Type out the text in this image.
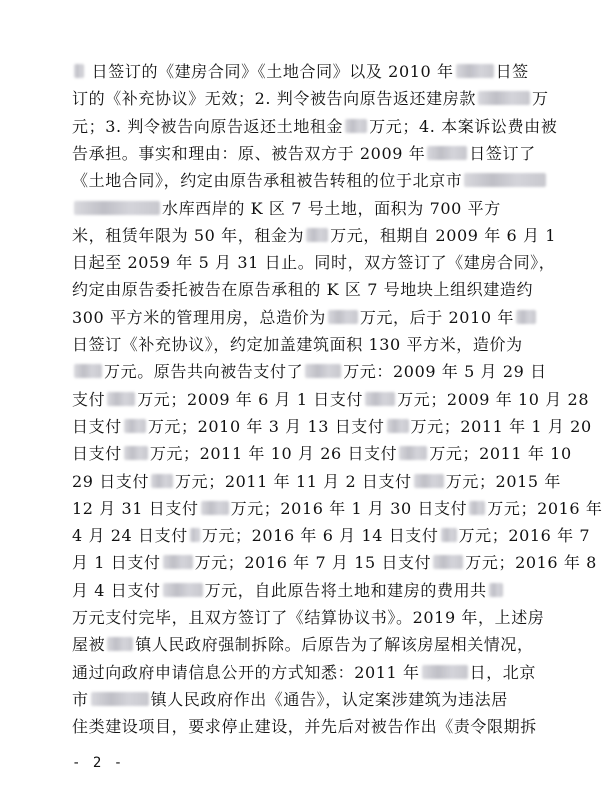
日签订的《建房合同》《土地合同》以及 2010 年	日签
订的《补充协议》无效；2. 判令被告向原告返还建房款	万
元；3. 判令被告向原告返还土地租金 万元；4. 本案诉讼费由被
告承担。事实和理由：原、被告双方于 2009 年	日签订了
《土地合同》，约定由原告承租被告转租的位于北京市
水库西岸的 K 区 7 号土地，面积为 700 平方
米，租赁年限为 50 年，租金为 万元，租期自 2009 年 6 月 1
日起至 2059 年 5 月 31 日止。同时，双方签订了《建房合同》，
约定由原告委托被告在原告承租的 K 区 7 号地块上组织建造约
300 平方米的管理用房，总造价为 万元，后于 2010 年
日签订《补充协议》，约定加盖建筑面积 130 平方米，造价为
万元。原告共向被告支付了	万元：2009 年 5 月 29 日
支付 万元；2009 年 6 月 1 日支付 万元；2009 年 10 月 28
日支付 万元；2010 年 3 月 13 日支付 万元；2011 年 1 月 20
日支付 万元；2011 年 10 月 26 日支付 万元；2011 年 10
29 日支付 万元；2011 年 11 月 2 日支付 万元；2015 年
12 月 31 日支付 万元；2016 年 1 月 30 日支付 万元；2016 年
4 月 24 日支付 万元；2016 年 6 月 14 日支付 万元；2016 年 7
月 1 日支付 万元；2016 年 7 月 15 日支付 万元；2016 年 8
月 4 日支付	万元，自此原告将土地和建房的费用共
万元支付完毕，且双方签订了《结算协议书》。2019 年，上述房
屋被 镇人民政府强制拆除。后原告为了解该房屋相关情况，
通过向政府申请信息公开的方式知悉：2011 年	日，北京
市	镇人民政府作出《通告》，认定案涉建筑为违法居
住类建设项目，要求停止建设，并先后对被告作出《责令限期拆
- 2 -
